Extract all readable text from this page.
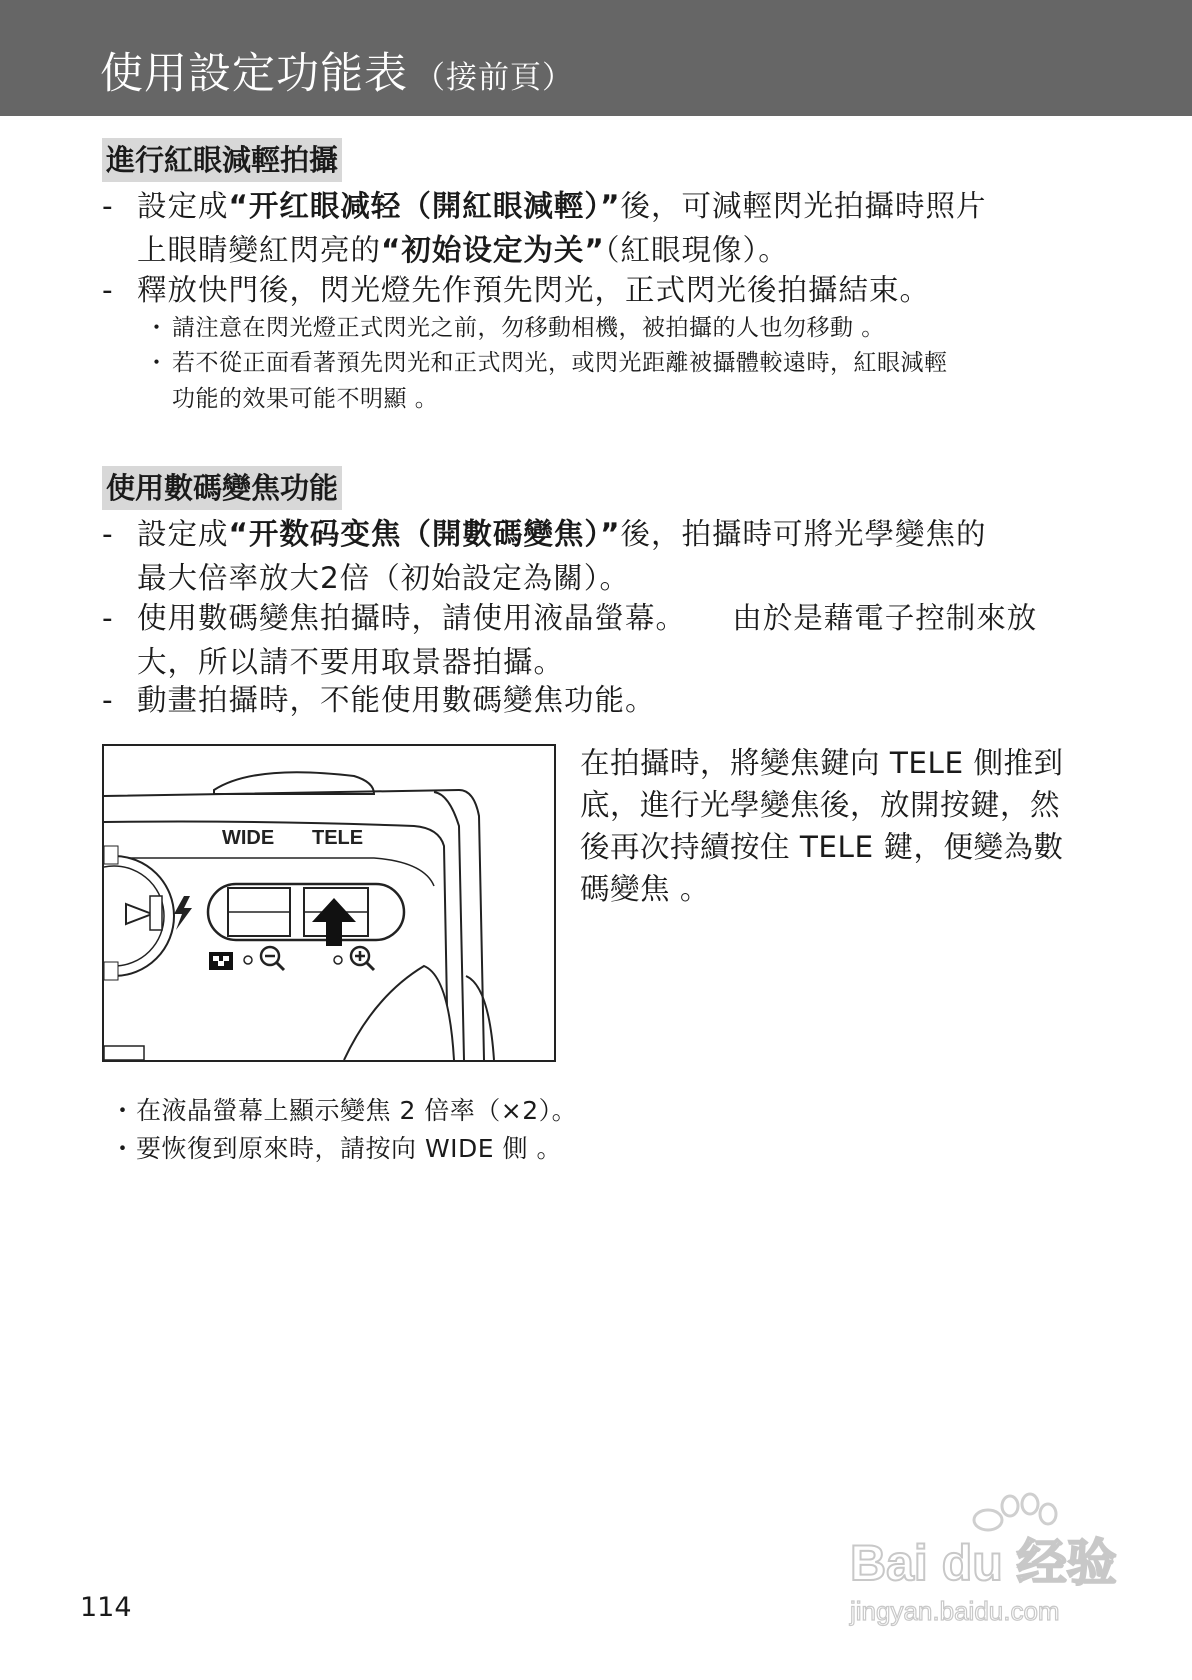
使用設定功能表 （接前頁）
進行紅眼減輕拍攝
- 設定成“开红眼减轻（開紅眼減輕）”後，可減輕閃光拍攝時照片
上眼睛變紅閃亮的“初始设定为关”（紅眼現像）。
- 釋放快門後，閃光燈先作預先閃光，正式閃光後拍攝結束。
・ 請注意在閃光燈正式閃光之前，勿移動相機，被拍攝的人也勿移動 。
・ 若不從正面看著預先閃光和正式閃光，或閃光距離被攝體較遠時，紅眼減輕
功能的效果可能不明顯 。
使用數碼變焦功能
- 設定成“开数码变焦（開數碼變焦）”後，拍攝時可將光學變焦的
最大倍率放大2倍（初始設定為關）。
- 使用數碼變焦拍攝時，請使用液晶螢幕。　　由於是藉電子控制來放
大，所以請不要用取景器拍攝。
- 動畫拍攝時，不能使用數碼變焦功能。
WIDE TELE
在拍攝時，將變焦鍵向 TELE 側推到
底，進行光學變焦後，放開按鍵，然
後再次持續按住 TELE 鍵，便變為數
碼變焦 。
・在液晶螢幕上顯示變焦 2 倍率（×2）。
・要恢復到原來時，請按向 WIDE 側 。
114
Bai du 经验
jingyan.baidu.com
